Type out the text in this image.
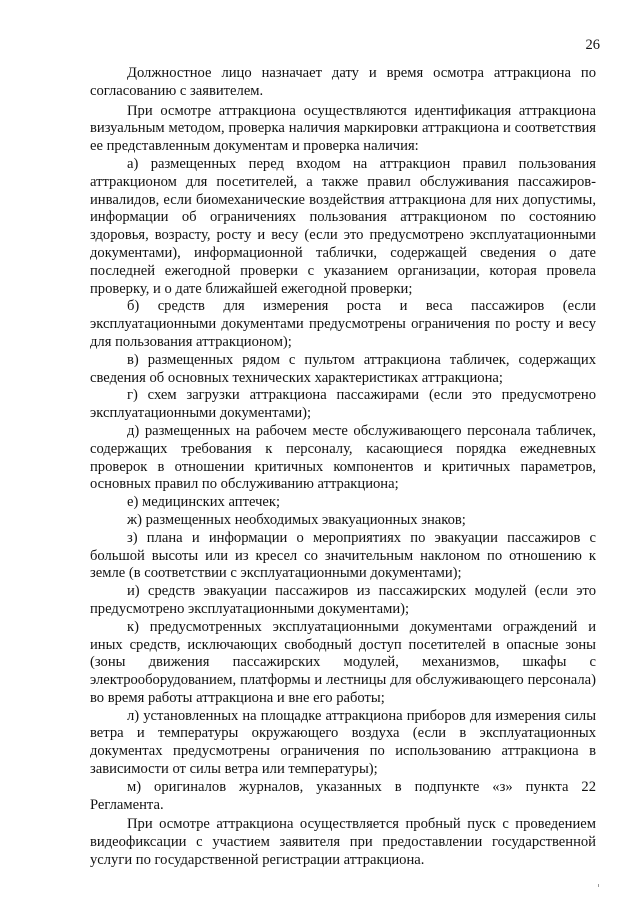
26

Должностное лицо назначает дату и время осмотра аттракциона по согласованию с заявителем.

При осмотре аттракциона осуществляются идентификация аттракциона визуальным методом, проверка наличия маркировки аттракциона и соответствия ее представленным документам и проверка наличия:

а) размещенных перед входом на аттракцион правил пользования аттракционом для посетителей, а также правил обслуживания пассажиров-инвалидов, если биомеханические воздействия аттракциона для них допустимы, информации об ограничениях пользования аттракционом по состоянию здоровья, возрасту, росту и весу (если это предусмотрено эксплуатационными документами), информационной таблички, содержащей сведения о дате последней ежегодной проверки с указанием организации, которая провела проверку, и о дате ближайшей ежегодной проверки;

б) средств для измерения роста и веса пассажиров (если эксплуатационными документами предусмотрены ограничения по росту и весу для пользования аттракционом);

в) размещенных рядом с пультом аттракциона табличек, содержащих сведения об основных технических характеристиках аттракциона;

г) схем загрузки аттракциона пассажирами (если это предусмотрено эксплуатационными документами);

д) размещенных на рабочем месте обслуживающего персонала табличек, содержащих требования к персоналу, касающиеся порядка ежедневных проверок в отношении критичных компонентов и критичных параметров, основных правил по обслуживанию аттракциона;

е) медицинских аптечек;

ж) размещенных необходимых эвакуационных знаков;

з) плана и информации о мероприятиях по эвакуации пассажиров с большой высоты или из кресел со значительным наклоном по отношению к земле (в соответствии с эксплуатационными документами);

и) средств эвакуации пассажиров из пассажирских модулей (если это предусмотрено эксплуатационными документами);

к) предусмотренных эксплуатационными документами ограждений и иных средств, исключающих свободный доступ посетителей в опасные зоны (зоны движения пассажирских модулей, механизмов, шкафы с электрооборудованием, платформы и лестницы для обслуживающего персонала) во время работы аттракциона и вне его работы;

л) установленных на площадке аттракциона приборов для измерения силы ветра и температуры окружающего воздуха (если в эксплуатационных документах предусмотрены ограничения по использованию аттракциона в зависимости от силы ветра или температуры);

м) оригиналов журналов, указанных в подпункте «з» пункта 22 Регламента.

При осмотре аттракциона осуществляется пробный пуск с проведением видеофиксации с участием заявителя при предоставлении государственной услуги по государственной регистрации аттракциона.
